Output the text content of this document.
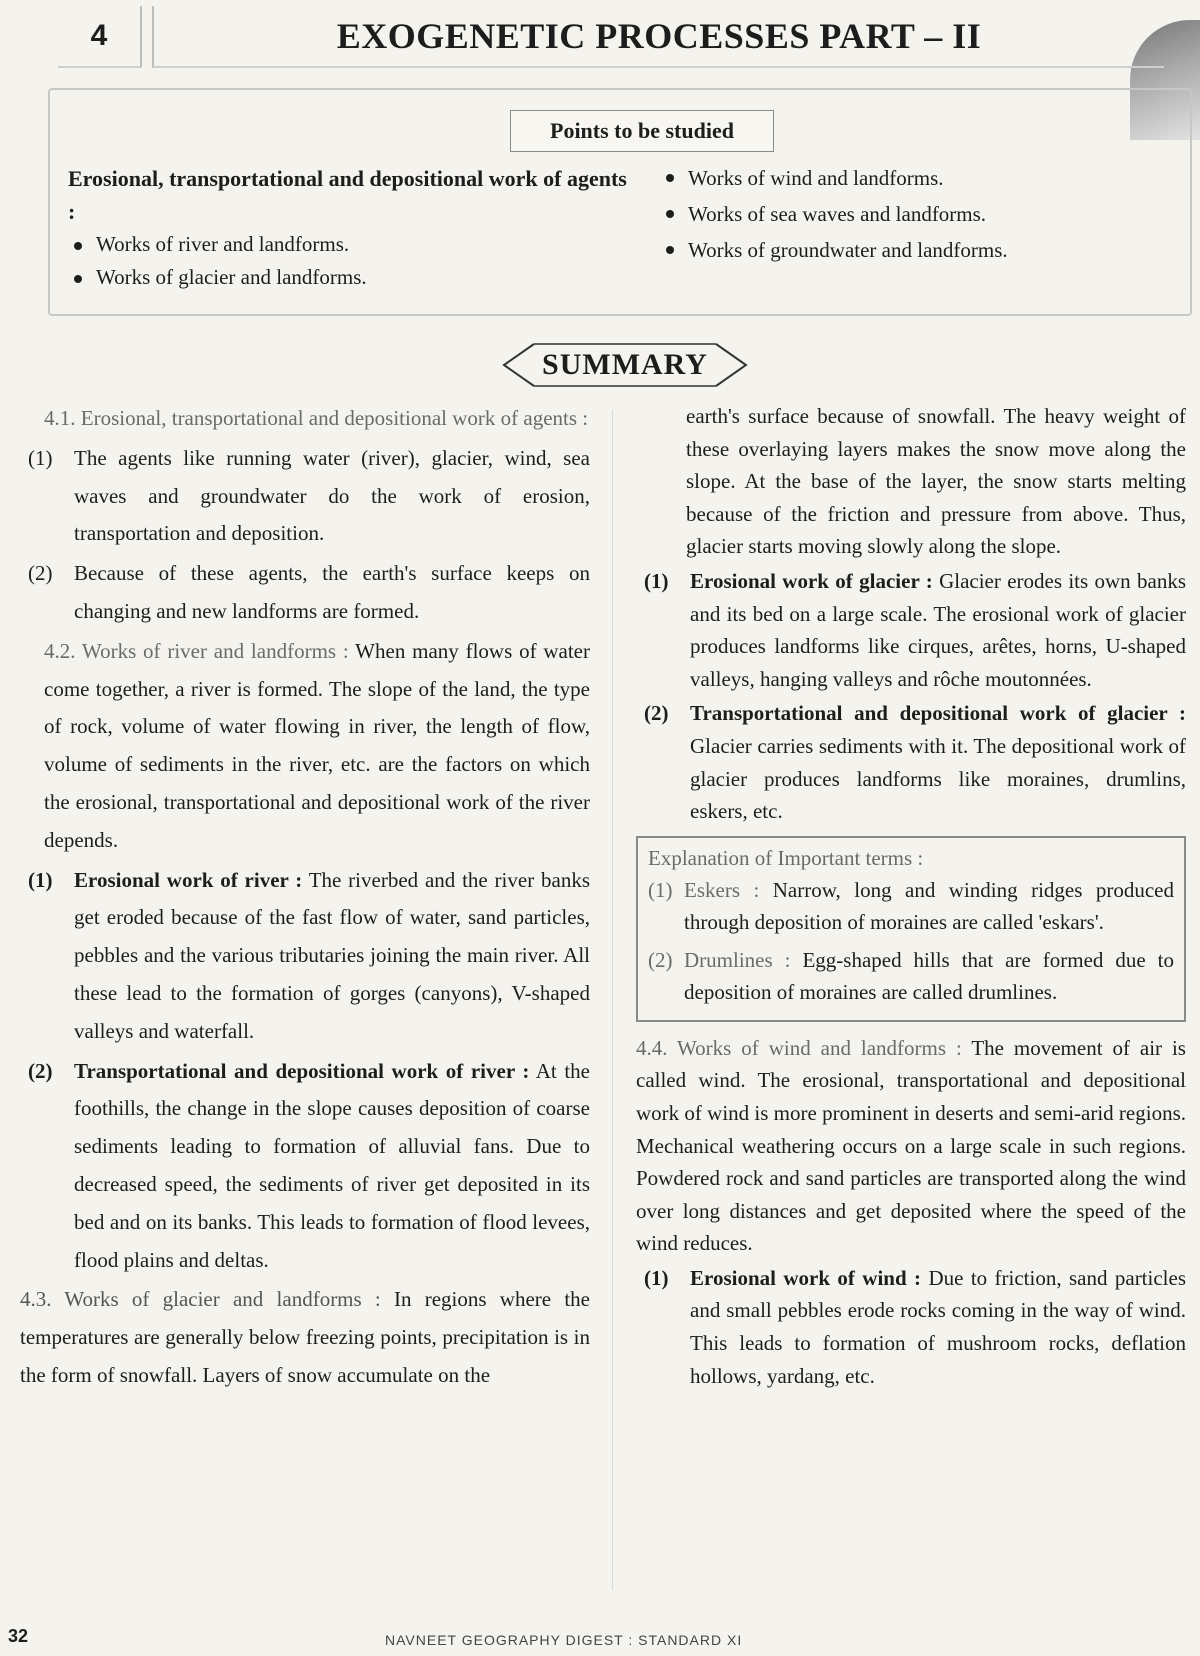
4	EXOGENETIC PROCESSES PART – II
Points to be studied
Erosional, transportational and depositional work of agents :
Works of river and landforms.
Works of glacier and landforms.
Works of wind and landforms.
Works of sea waves and landforms.
Works of groundwater and landforms.
SUMMARY
4.1. Erosional, transportational and depositional work of agents :
(1) The agents like running water (river), glacier, wind, sea waves and groundwater do the work of erosion, transportation and deposition.
(2) Because of these agents, the earth's surface keeps on changing and new landforms are formed.
4.2. Works of river and landforms : When many flows of water come together, a river is formed. The slope of the land, the type of rock, volume of water flowing in river, the length of flow, volume of sediments in the river, etc. are the factors on which the erosional, transportational and depositional work of the river depends.
(1) Erosional work of river : The riverbed and the river banks get eroded because of the fast flow of water, sand particles, pebbles and the various tributaries joining the main river. All these lead to the formation of gorges (canyons), V-shaped valleys and waterfall.
(2) Transportational and depositional work of river : At the foothills, the change in the slope causes deposition of coarse sediments leading to formation of alluvial fans. Due to decreased speed, the sediments of river get deposited in its bed and on its banks. This leads to formation of flood levees, flood plains and deltas.
4.3. Works of glacier and landforms : In regions where the temperatures are generally below freezing points, precipitation is in the form of snowfall. Layers of snow accumulate on the
earth's surface because of snowfall. The heavy weight of these overlaying layers makes the snow move along the slope. At the base of the layer, the snow starts melting because of the friction and pressure from above. Thus, glacier starts moving slowly along the slope.
(1) Erosional work of glacier : Glacier erodes its own banks and its bed on a large scale. The erosional work of glacier produces landforms like cirques, arêtes, horns, U-shaped valleys, hanging valleys and rôche moutonnées.
(2) Transportational and depositional work of glacier : Glacier carries sediments with it. The depositional work of glacier produces landforms like moraines, drumlins, eskers, etc.
Explanation of Important terms :
(1) Eskers : Narrow, long and winding ridges produced through deposition of moraines are called 'eskars'.
(2) Drumlines : Egg-shaped hills that are formed due to deposition of moraines are called drumlines.
4.4. Works of wind and landforms : The movement of air is called wind. The erosional, transportational and depositional work of wind is more prominent in deserts and semi-arid regions. Mechanical weathering occurs on a large scale in such regions. Powdered rock and sand particles are transported along the wind over long distances and get deposited where the speed of the wind reduces.
(1) Erosional work of wind : Due to friction, sand particles and small pebbles erode rocks coming in the way of wind. This leads to formation of mushroom rocks, deflation hollows, yardang, etc.
32	NAVNEET GEOGRAPHY DIGEST : STANDARD XI
